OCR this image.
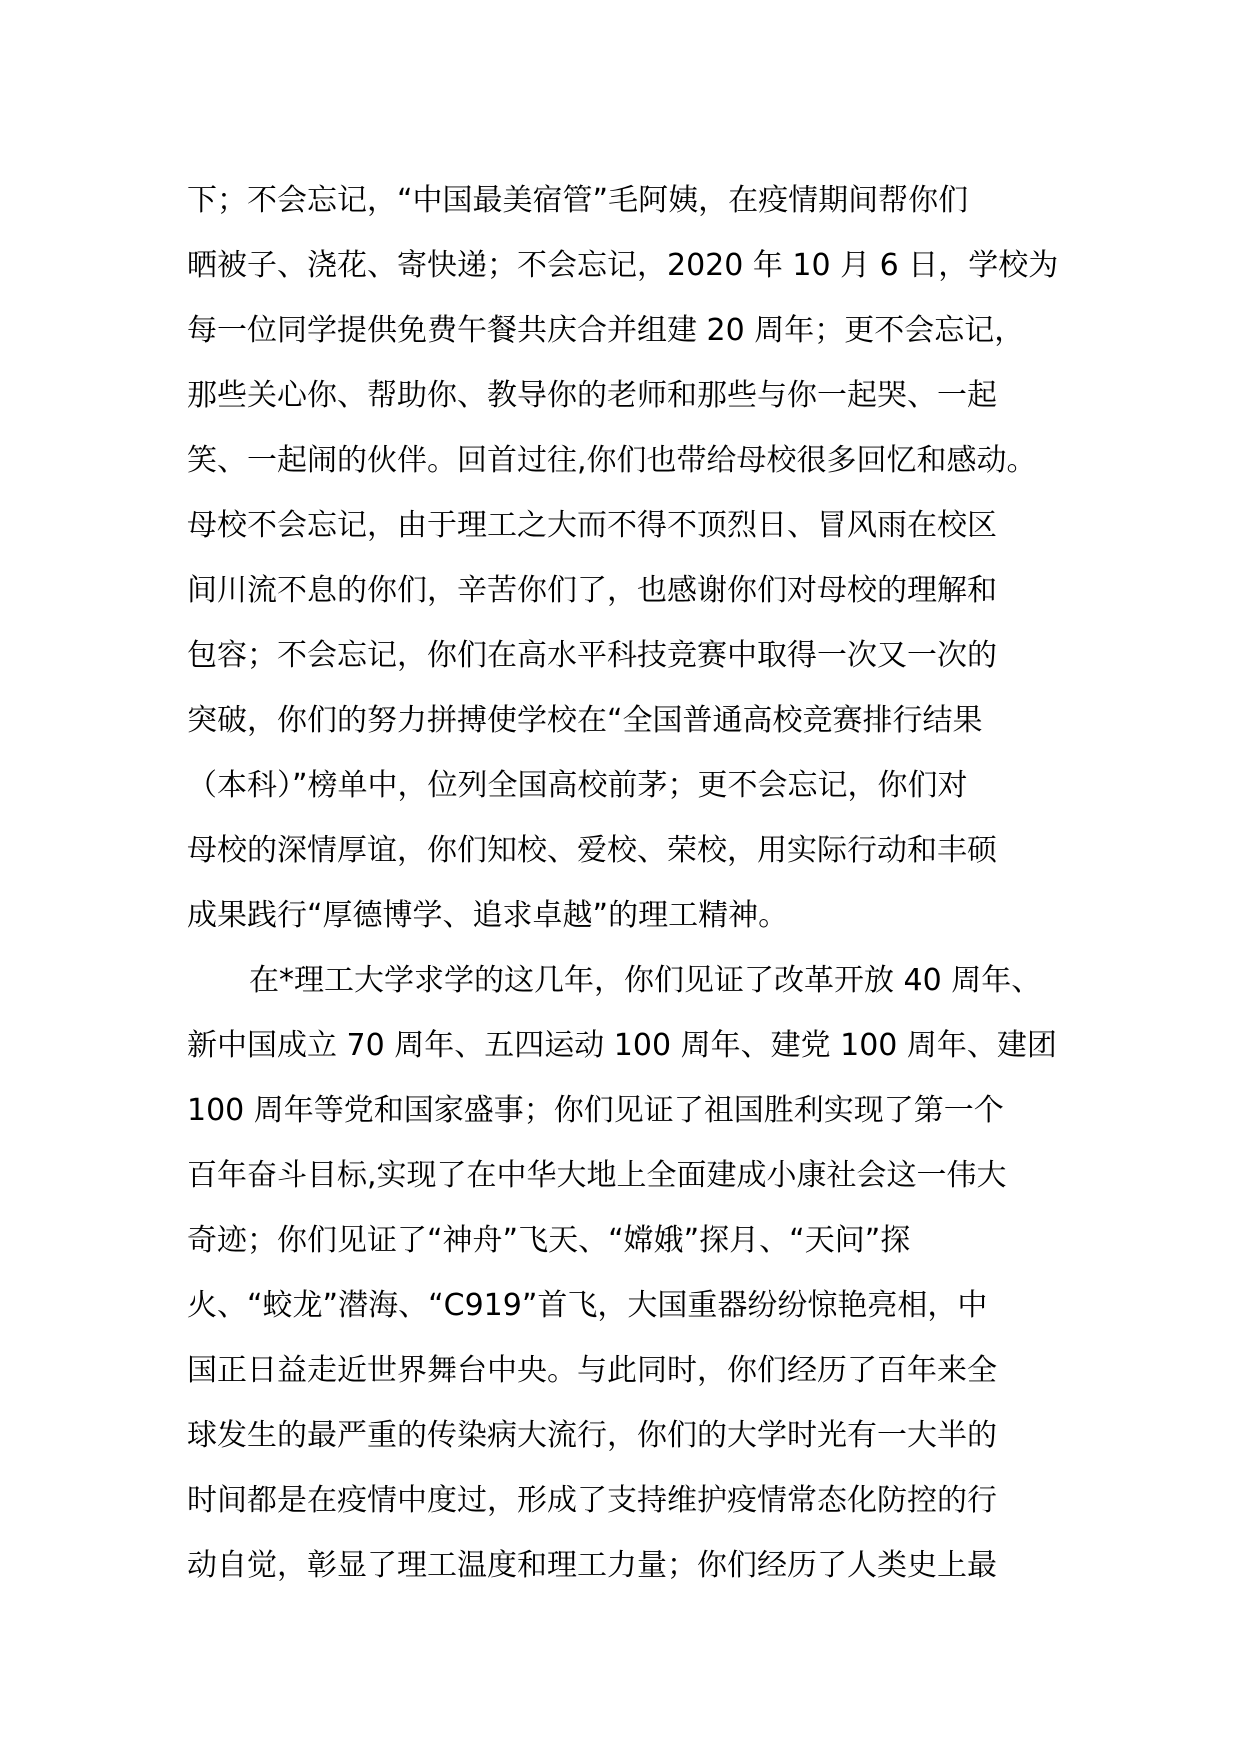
下；不会忘记，“中国最美宿管”毛阿姨，在疫情期间帮你们
晒被子、浇花、寄快递；不会忘记，2020 年 10 月 6 日，学校为
每一位同学提供免费午餐共庆合并组建 20 周年；更不会忘记，
那些关心你、帮助你、教导你的老师和那些与你一起哭、一起
笑、一起闹的伙伴。回首过往,你们也带给母校很多回忆和感动。
母校不会忘记，由于理工之大而不得不顶烈日、冒风雨在校区
间川流不息的你们，辛苦你们了，也感谢你们对母校的理解和
包容；不会忘记，你们在高水平科技竞赛中取得一次又一次的
突破，你们的努力拼搏使学校在“全国普通高校竞赛排行结果
（本科）”榜单中，位列全国高校前茅；更不会忘记，你们对
母校的深情厚谊，你们知校、爱校、荣校，用实际行动和丰硕
成果践行“厚德博学、追求卓越”的理工精神。
在*理工大学求学的这几年，你们见证了改革开放 40 周年、
新中国成立 70 周年、五四运动 100 周年、建党 100 周年、建团
100 周年等党和国家盛事；你们见证了祖国胜利实现了第一个
百年奋斗目标,实现了在中华大地上全面建成小康社会这一伟大
奇迹；你们见证了“神舟”飞天、“嫦娥”探月、“天问”探
火、“蛟龙”潜海、“C919”首飞，大国重器纷纷惊艳亮相，中
国正日益走近世界舞台中央。与此同时，你们经历了百年来全
球发生的最严重的传染病大流行，你们的大学时光有一大半的
时间都是在疫情中度过，形成了支持维护疫情常态化防控的行
动自觉，彰显了理工温度和理工力量；你们经历了人类史上最
